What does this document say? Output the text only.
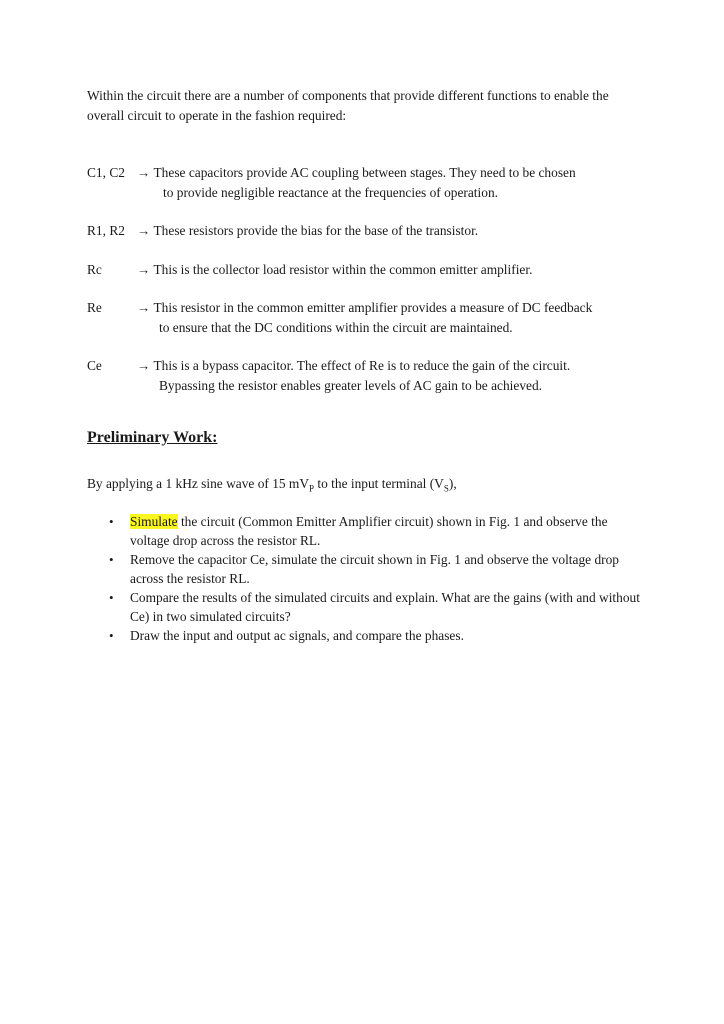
Within the circuit there are a number of components that provide different functions to enable the overall circuit to operate in the fashion required:
C1, C2 → These capacitors provide AC coupling between stages. They need to be chosen
to provide negligible reactance at the frequencies of operation.
R1, R2 → These resistors provide the bias for the base of the transistor.
Rc	→ This is the collector load resistor within the common emitter amplifier.
Re	→ This resistor in the common emitter amplifier provides a measure of DC feedback
to ensure that the DC conditions within the circuit are maintained.
Ce	→ This is a bypass capacitor. The effect of Re is to reduce the gain of the circuit.
Bypassing the resistor enables greater levels of AC gain to be achieved.
Preliminary Work:
By applying a 1 kHz sine wave of 15 $mV_P$ to the input terminal $(V_S)$,
• Simulate the circuit (Common Emitter Amplifier circuit) shown in Fig. 1 and observe the voltage drop across the resistor RL.
• Remove the capacitor Ce, simulate the circuit shown in Fig. 1 and observe the voltage drop across the resistor RL.
• Compare the results of the simulated circuits and explain. What are the gains (with and without Ce) in two simulated circuits?
• Draw the input and output ac signals, and compare the phases.
